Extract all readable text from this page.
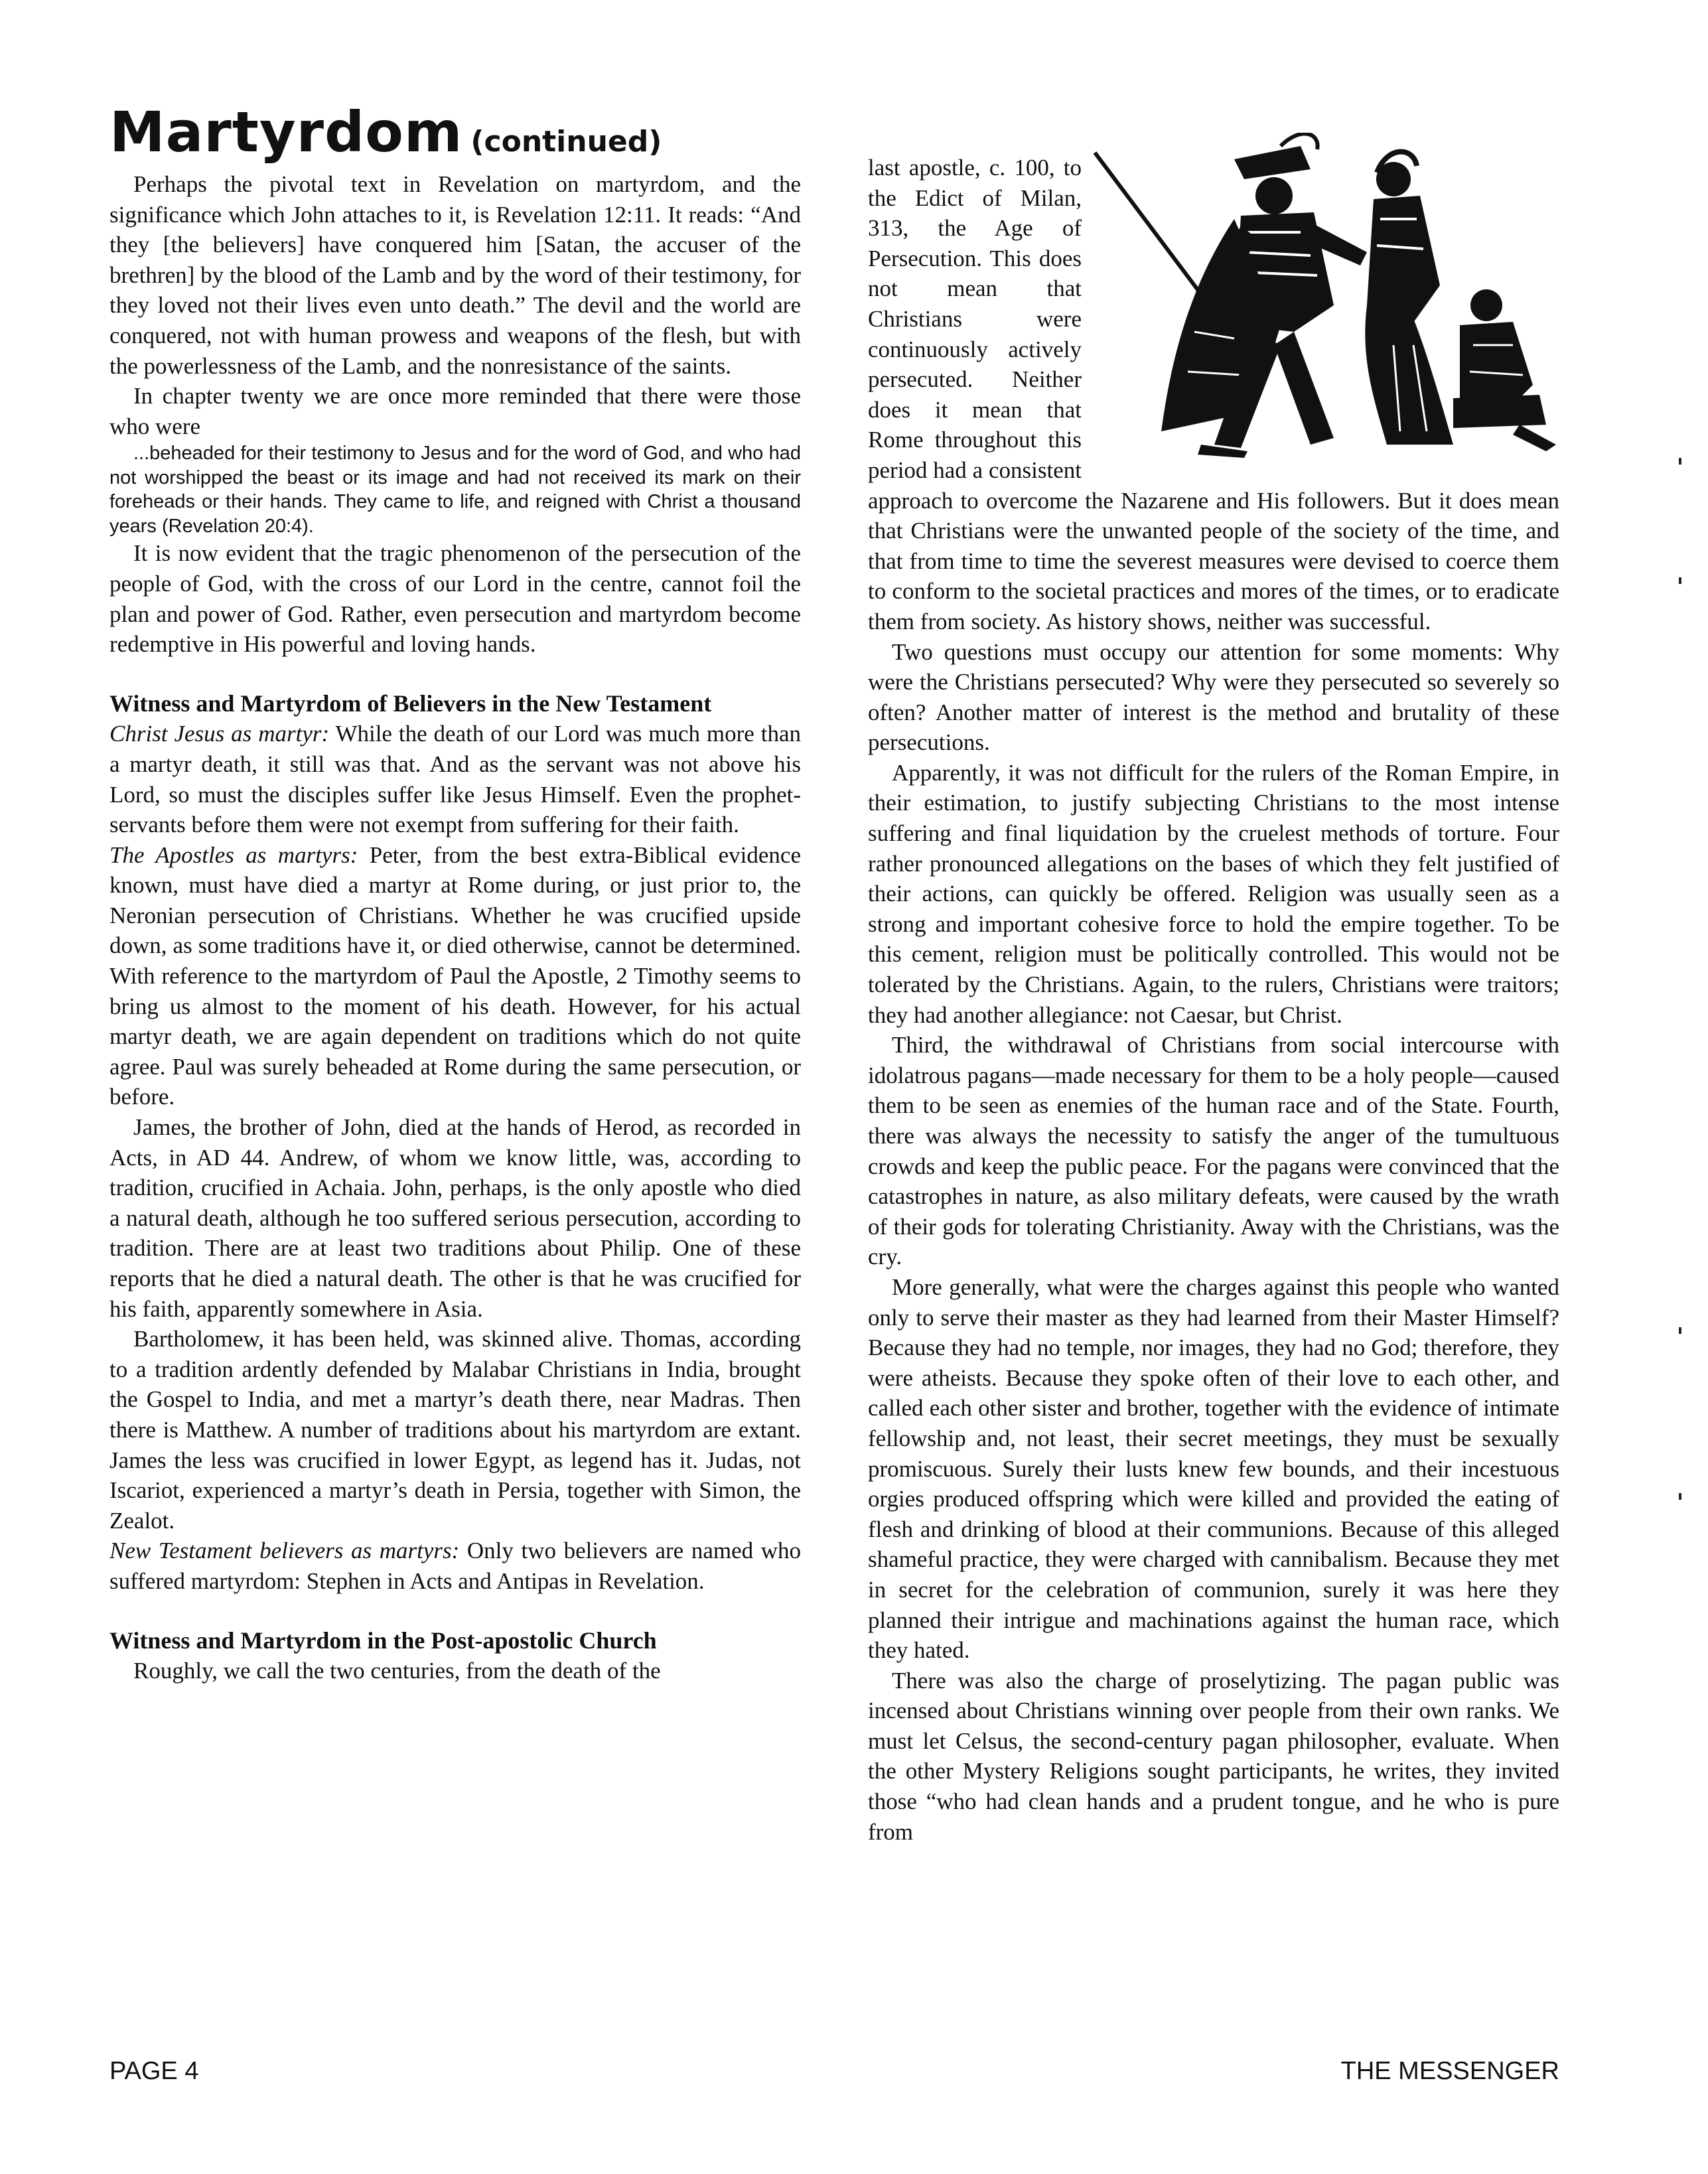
Martyrdom (continued)

Perhaps the pivotal text in Revelation on martyrdom, and the significance which John attaches to it, is Revelation 12:11. It reads: “And they [the believers] have conquered him [Satan, the accuser of the brethren] by the blood of the Lamb and by the word of their testimony, for they loved not their lives even unto death.” The devil and the world are conquered, not with human prowess and weapons of the flesh, but with the powerlessness of the Lamb, and the nonresistance of the saints.

In chapter twenty we are once more reminded that there were those who were

...beheaded for their testimony to Jesus and for the word of God, and who had not worshipped the beast or its image and had not received its mark on their foreheads or their hands. They came to life, and reigned with Christ a thousand years (Revelation 20:4).

It is now evident that the tragic phenomenon of the persecution of the people of God, with the cross of our Lord in the centre, cannot foil the plan and power of God. Rather, even persecution and martyrdom become redemptive in His powerful and loving hands.

Witness and Martyrdom of Believers in the New Testament

Christ Jesus as martyr: While the death of our Lord was much more than a martyr death, it still was that. And as the servant was not above his Lord, so must the disciples suffer like Jesus Himself. Even the prophet-servants before them were not exempt from suffering for their faith.

The Apostles as martyrs: Peter, from the best extra-Biblical evidence known, must have died a martyr at Rome during, or just prior to, the Neronian persecution of Christians. Whether he was crucified upside down, as some traditions have it, or died otherwise, cannot be determined. With reference to the martyrdom of Paul the Apostle, 2 Timothy seems to bring us almost to the moment of his death. However, for his actual martyr death, we are again dependent on traditions which do not quite agree. Paul was surely beheaded at Rome during the same persecution, or before.

James, the brother of John, died at the hands of Herod, as recorded in Acts, in AD 44. Andrew, of whom we know little, was, according to tradition, crucified in Achaia. John, perhaps, is the only apostle who died a natural death, although he too suffered serious persecution, according to tradition. There are at least two traditions about Philip. One of these reports that he died a natural death. The other is that he was crucified for his faith, apparently somewhere in Asia.

Bartholomew, it has been held, was skinned alive. Thomas, according to a tradition ardently defended by Malabar Christians in India, brought the Gospel to India, and met a martyr’s death there, near Madras. Then there is Matthew. A number of traditions about his martyrdom are extant. James the less was crucified in lower Egypt, as legend has it. Judas, not Iscariot, experienced a martyr’s death in Persia, together with Simon, the Zealot.

New Testament believers as martyrs: Only two believers are named who suffered martyrdom: Stephen in Acts and Antipas in Revelation.

Witness and Martyrdom in the Post-apostolic Church

Roughly, we call the two centuries, from the death of the

last apostle, c. 100, to the Edict of Milan, 313, the Age of Persecution. This does not mean that Christians were continuously actively persecuted. Neither does it mean that Rome throughout this period had a consistent approach to overcome the Nazarene and His followers. But it does mean that Christians were the unwanted people of the society of the time, and that from time to time the severest measures were devised to coerce them to conform to the societal practices and mores of the times, or to eradicate them from society. As history shows, neither was successful.

Two questions must occupy our attention for some moments: Why were the Christians persecuted? Why were they persecuted so severely so often? Another matter of interest is the method and brutality of these persecutions.

Apparently, it was not difficult for the rulers of the Roman Empire, in their estimation, to justify subjecting Christians to the most intense suffering and final liquidation by the cruelest methods of torture. Four rather pronounced allegations on the bases of which they felt justified of their actions, can quickly be offered. Religion was usually seen as a strong and important cohesive force to hold the empire together. To be this cement, religion must be politically controlled. This would not be tolerated by the Christians. Again, to the rulers, Christians were traitors; they had another allegiance: not Caesar, but Christ.

Third, the withdrawal of Christians from social intercourse with idolatrous pagans—made necessary for them to be a holy people—caused them to be seen as enemies of the human race and of the State. Fourth, there was always the necessity to satisfy the anger of the tumultuous crowds and keep the public peace. For the pagans were convinced that the catastrophes in nature, as also military defeats, were caused by the wrath of their gods for tolerating Christianity. Away with the Christians, was the cry.

More generally, what were the charges against this people who wanted only to serve their master as they had learned from their Master Himself? Because they had no temple, nor images, they had no God; therefore, they were atheists. Because they spoke often of their love to each other, and called each other sister and brother, together with the evidence of intimate fellowship and, not least, their secret meetings, they must be sexually promiscuous. Surely their lusts knew few bounds, and their incestuous orgies produced offspring which were killed and provided the eating of flesh and drinking of blood at their communions. Because of this alleged shameful practice, they were charged with cannibalism. Because they met in secret for the celebration of communion, surely it was here they planned their intrigue and machinations against the human race, which they hated.

There was also the charge of proselytizing. The pagan public was incensed about Christians winning over people from their own ranks. We must let Celsus, the second-century pagan philosopher, evaluate. When the other Mystery Religions sought participants, he writes, they invited those “who had clean hands and a prudent tongue, and he who is pure from

PAGE 4	THE MESSENGER
